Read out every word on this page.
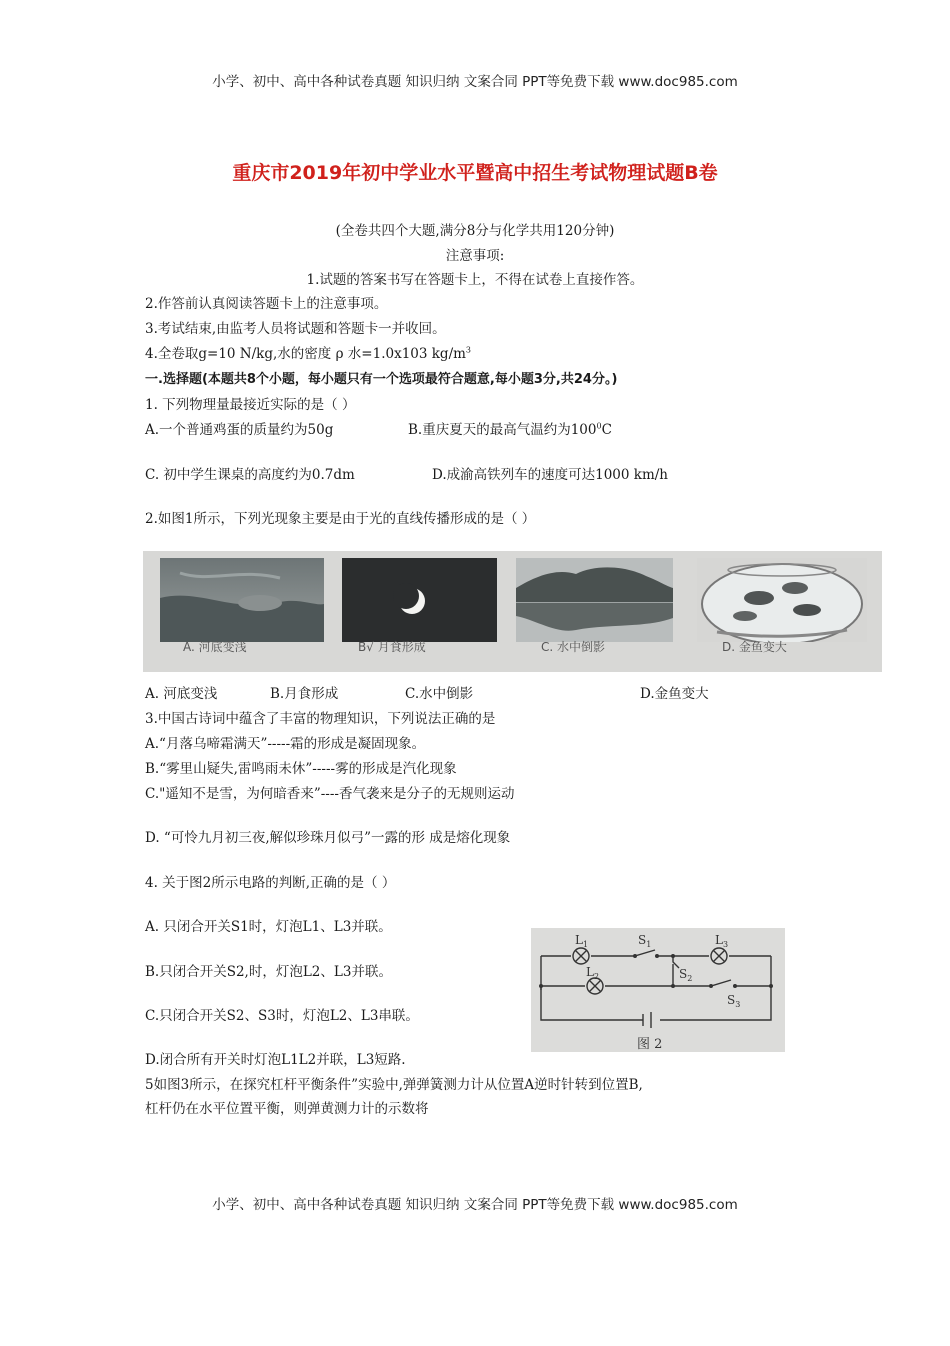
小学、初中、高中各种试卷真题 知识归纳 文案合同 PPT等免费下载 www.doc985.com
重庆市2019年初中学业水平暨高中招生考试物理试题B卷
(全卷共四个大题,满分8分与化学共用120分钟)
注意事项:
1.试题的答案书写在答题卡上，不得在试卷上直接作答。
2.作答前认真阅读答题卡上的注意事项。
3.考试结束,由监考人员将试题和答题卡一并收回。
4.全卷取g=10 N/kg,水的密度 ρ 水=1.0x103 $kg/m^3$
一.选择题(本题共8个小题，每小题只有一个选项最符合题意,每小题3分,共24分。)
1. 下列物理量最接近实际的是（ ）
A.一个普通鸡蛋的质量约为50g	B.重庆夏天的最高气温约为$100^0C$
C. 初中学生课桌的高度约为0.7dm	D.成渝高铁列车的速度可达1000 km/h
2.如图1所示，下列光现象主要是由于光的直线传播形成的是（ ）
A. 河底变浅	B√ 月食形成	C. 水中倒影	D. 金鱼变大
A. 河底变浅	B.月食形成	C.水中倒影	D.金鱼变大
3.中国古诗词中蕴含了丰富的物理知识，下列说法正确的是
A.“月落乌啼霜满天”-----霜的形成是凝固现象。
B.“雾里山疑失,雷鸣雨未休”-----雾的形成是汽化现象
C."遥知不是雪，为何暗香来”----香气袭来是分子的无规则运动
D. “可怜九月初三夜,解似珍珠月似弓”一露的形 成是熔化现象
4. 关于图2所示电路的判断,正确的是（ ）
A. 只闭合开关S1时，灯泡L1、L3并联。
B.只闭合开关S2,时，灯泡L2、L3并联。
C.只闭合开关S2、S3时，灯泡L2、L3串联。
D.闭合所有开关时灯泡L1L2并联，L3短路.
$L_1$	$S_1$	$L_3$
$L_2$	$S_2$
$S_3$
图 2
5如图3所示，在探究杠杆平衡条件”实验中,弹弹簧测力计从位置A逆时针转到位置B,
杠杆仍在水平位置平衡，则弹黄测力计的示数将
小学、初中、高中各种试卷真题 知识归纳 文案合同 PPT等免费下载 www.doc985.com
